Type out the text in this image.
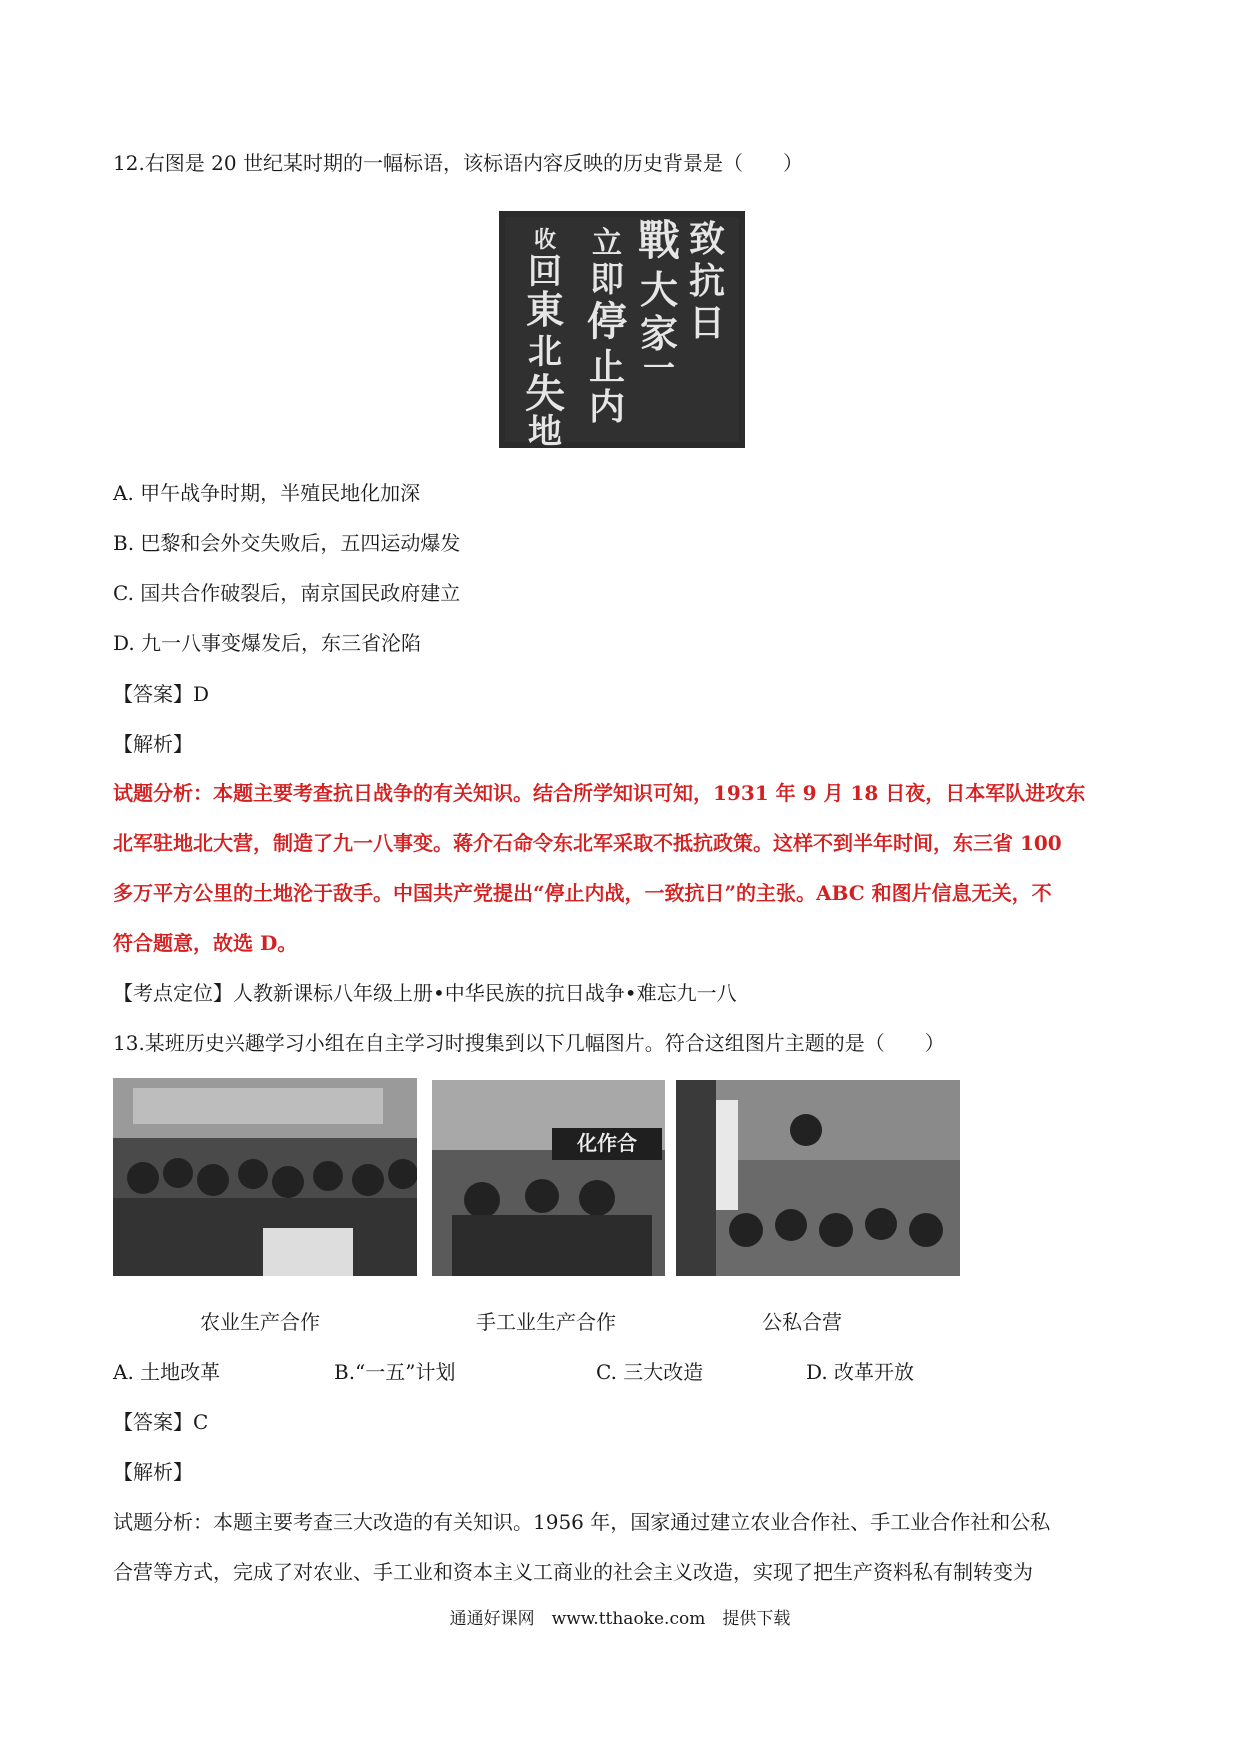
12.右图是 20 世纪某时期的一幅标语，该标语内容反映的历史背景是（　　）
致
抗
日
戰
大
家
一
立
即
停
止
内
收
回
東
北
失
地
A. 甲午战争时期，半殖民地化加深
B. 巴黎和会外交失败后，五四运动爆发
C. 国共合作破裂后，南京国民政府建立
D. 九一八事变爆发后，东三省沦陷
【答案】D
【解析】
试题分析：本题主要考查抗日战争的有关知识。结合所学知识可知，1931 年 9 月 18 日夜，日本军队进攻东
北军驻地北大营，制造了九一八事变。蒋介石命令东北军采取不抵抗政策。这样不到半年时间，东三省 100
多万平方公里的土地沦于敌手。中国共产党提出“停止内战，一致抗日”的主张。ABC 和图片信息无关，不
符合题意，故选 D。
【考点定位】人教新课标八年级上册•中华民族的抗日战争•难忘九一八
13.某班历史兴趣学习小组在自主学习时搜集到以下几幅图片。符合这组图片主题的是（　　）
化作合
农业生产合作	手工业生产合作	公私合营
A. 土地改革	B.“一五”计划	C. 三大改造	D. 改革开放
【答案】C
【解析】
试题分析：本题主要考查三大改造的有关知识。1956 年，国家通过建立农业合作社、手工业合作社和公私
合营等方式，完成了对农业、手工业和资本主义工商业的社会主义改造，实现了把生产资料私有制转变为
通通好课网　www.tthaoke.com　提供下载
